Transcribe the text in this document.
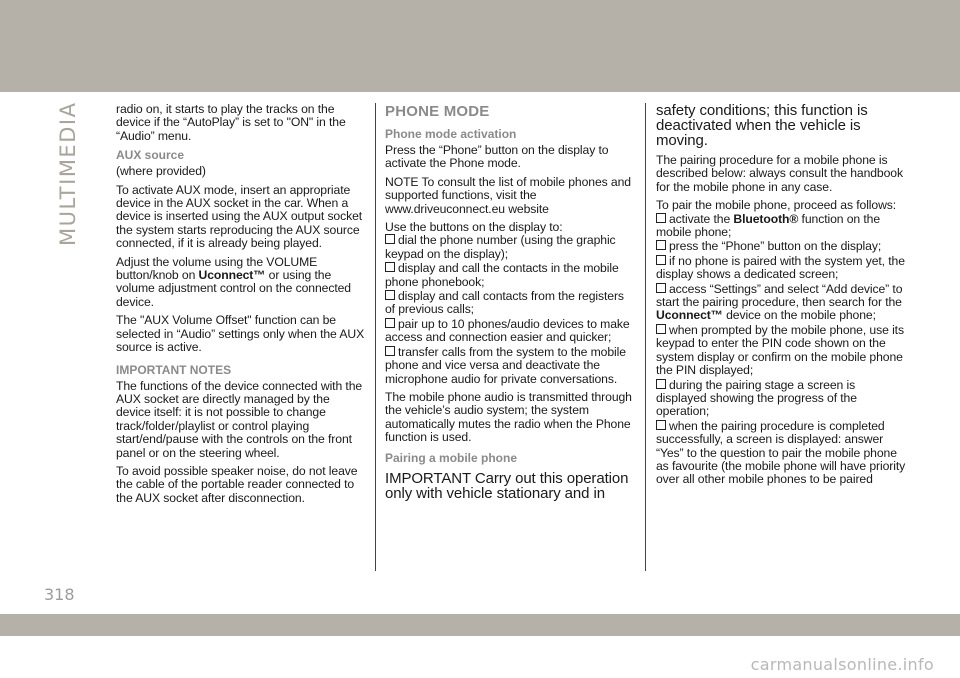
MULTIMEDIA	radio on, it starts to play the tracks on the device if the “AutoPlay” is set to "ON" in the “Audio” menu.

AUX source

(where provided)

To activate AUX mode, insert an appropriate device in the AUX socket in the car. When a device is inserted using the AUX output socket the system starts reproducing the AUX source connected, if it is already being played.

Adjust the volume using the VOLUME button/knob on Uconnect™ or using the volume adjustment control on the connected device.

The "AUX Volume Offset" function can be selected in “Audio” settings only when the AUX source is active.

IMPORTANT NOTES

The functions of the device connected with the AUX socket are directly managed by the device itself: it is not possible to change track/folder/playlist or control playing start/end/pause with the controls on the front panel or on the steering wheel.

To avoid possible speaker noise, do not leave the cable of the portable reader connected to the AUX socket after disconnection.

PHONE MODE
Phone mode activation

Press the “Phone” button on the display to activate the Phone mode.

NOTE To consult the list of mobile phones and supported functions, visit the www.driveuconnect.eu website

Use the buttons on the display to:

dial the phone number (using the graphic keypad on the display);
display and call the contacts in the mobile phone phonebook;
display and call contacts from the registers of previous calls;
pair up to 10 phones/audio devices to make access and connection easier and quicker;
transfer calls from the system to the mobile phone and vice versa and deactivate the microphone audio for private conversations.

The mobile phone audio is transmitted through the vehicle’s audio system; the system automatically mutes the radio when the Phone function is used.

Pairing a mobile phone

IMPORTANT Carry out this operation only with vehicle stationary and in

safety conditions; this function is deactivated when the vehicle is moving.

The pairing procedure for a mobile phone is described below: always consult the handbook for the mobile phone in any case.

To pair the mobile phone, proceed as follows:

activate the Bluetooth® function on the mobile phone;
press the “Phone” button on the display;
if no phone is paired with the system yet, the display shows a dedicated screen;
access “Settings” and select “Add device” to start the pairing procedure, then search for the Uconnect™ device on the mobile phone;
when prompted by the mobile phone, use its keypad to enter the PIN code shown on the system display or confirm on the mobile phone the PIN displayed;
during the pairing stage a screen is displayed showing the progress of the operation;
when the pairing procedure is completed successfully, a screen is displayed: answer “Yes” to the question to pair the mobile phone as favourite (the mobile phone will have priority over all other mobile phones to be paired
318
carmanualsonline.info
